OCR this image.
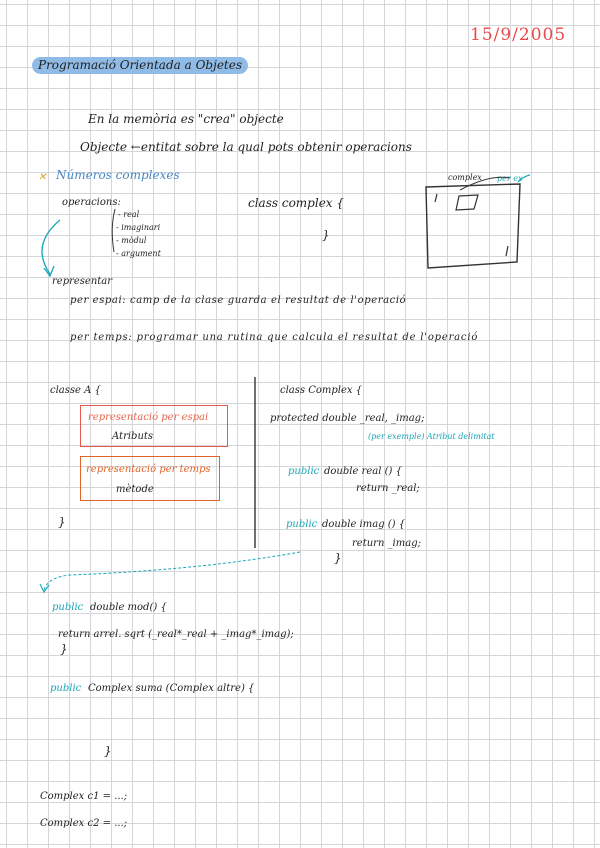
15/9/2005
Programació Orientada a Objetes
En la memòria es "crea" objecte
Objecte ←entitat sobre la qual pots obtenir operacions
✕ Números complexes
operacions:
- real
- imaginari
- mòdul
- argument
class complex {
}
complex per ex
representar
per espai: camp de la clase guarda el resultat de l'operació
per temps: programar una rutina que calcula el resultat de l'operació
classe A {
representació per espai
Atributs
representació per temps
mètode
}
class Complex {
protected double _real, _imag;
(per exemple) Atribut delimitat
public double real () {
return _real;
public double imag () {
return _imag;
}
public double mod() {
return arrel. sqrt (_real*_real + _imag*_imag);
}
public Complex suma (Complex altre) {
}
Complex c1 = ...;
Complex c2 = ...;
